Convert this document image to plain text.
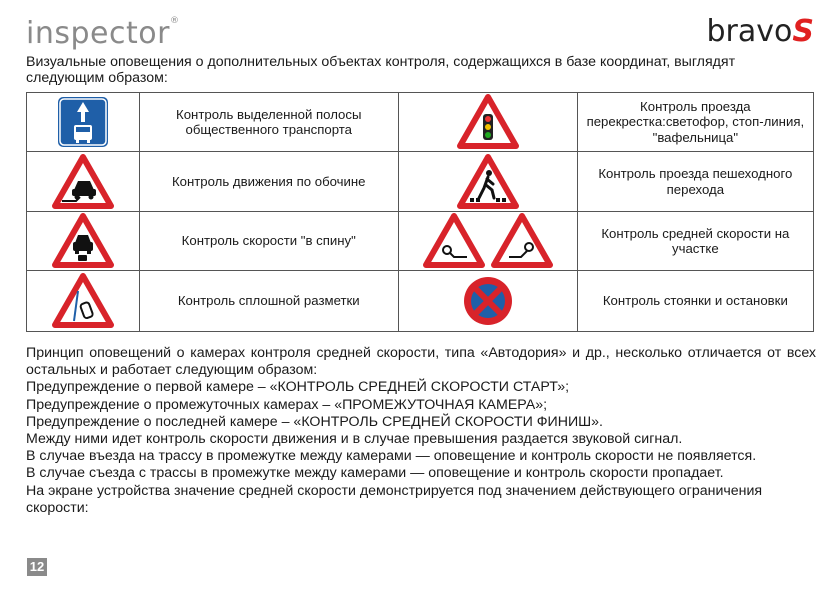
inspector®	bravoS
Визуальные оповещения о дополнительных объектах контроля, содержащихся в базе координат, выглядят следующим образом:
	Контроль выделенной полосы общественного транспорта		Контроль проезда перекрестка:светофор, стоп-линия, "вафельница"

	Контроль движения по обочине		Контроль проезда пешеходного перехода

	Контроль скорости "в спину"		Контроль средней скорости на участке

	Контроль сплошной разметки		Контроль стоянки и остановки

Принцип оповещений о камерах контроля средней скорости, типа «Автодория» и др., несколько отличается от всех

остальных и работает следующим образом:

Предупреждение о первой камере – «КОНТРОЛЬ СРЕДНЕЙ СКОРОСТИ СТАРТ»;

Предупреждение о промежуточных камерах – «ПРОМЕЖУТОЧНАЯ КАМЕРА»;

Предупреждение о последней камере – «КОНТРОЛЬ СРЕДНЕЙ СКОРОСТИ ФИНИШ».

Между ними идет контроль скорости движения и в случае превышения раздается звуковой сигнал.

В случае въезда на трассу в промежутке между камерами — оповещение и контроль скорости не появляется.

В случае съезда с трассы в промежутке между камерами — оповещение и контроль скорости пропадает.

На экране устройства значение средней скорости демонстрируется под значением действующего ограничения скорости:

12
